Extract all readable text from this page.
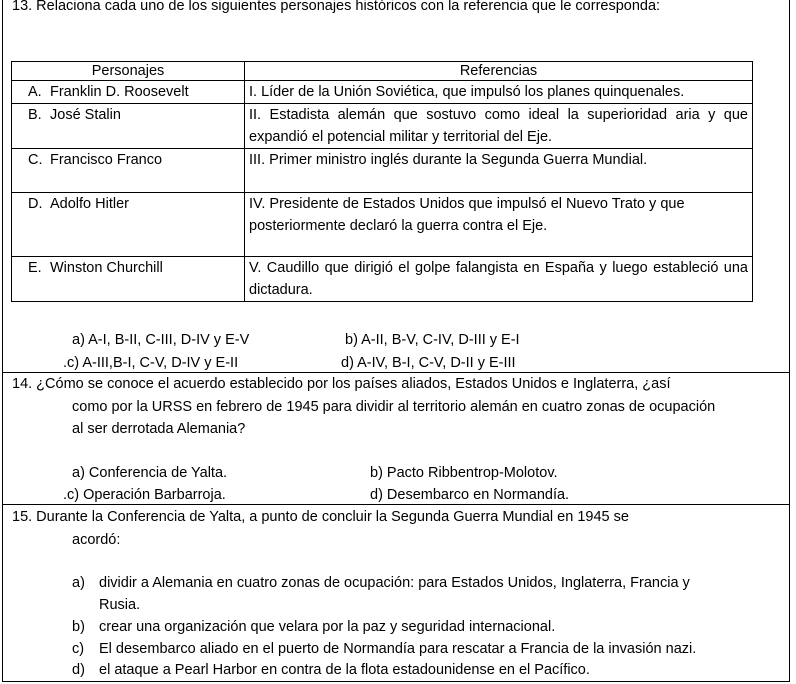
13. Relaciona cada uno de los siguientes personajes históricos con la referencia que le corresponda:
Personajes	Referencias
A. Franklin D. Roosevelt	I. Líder de la Unión Soviética, que impulsó los planes quinquenales.
B. José Stalin	II. Estadista alemán que sostuvo como ideal la superioridad aria y que expandió el potencial militar y territorial del Eje.
C. Francisco Franco	III. Primer ministro inglés durante la Segunda Guerra Mundial.
D. Adolfo Hitler	IV. Presidente de Estados Unidos que impulsó el Nuevo Trato y que posteriormente declaró la guerra contra el Eje.
E. Winston Churchill	V. Caudillo que dirigió el golpe falangista en España y luego estableció una dictadura.
a) A-I, B-II, C-III, D-IV y E-V	b) A-II, B-V, C-IV, D-III y E-I
.c) A-III,B-I, C-V, D-IV y E-II	d) A-IV, B-I, C-V, D-II y E-III
14. ¿Cómo se conoce el acuerdo establecido por los países aliados, Estados Unidos e Inglaterra, ¿así
como por la URSS en febrero de 1945 para dividir al territorio alemán en cuatro zonas de ocupación
al ser derrotada Alemania?
a) Conferencia de Yalta.	b) Pacto Ribbentrop-Molotov.
.c) Operación Barbarroja.	d) Desembarco en Normandía.
15. Durante la Conferencia de Yalta, a punto de concluir la Segunda Guerra Mundial en 1945 se
acordó:
a) dividir a Alemania en cuatro zonas de ocupación: para Estados Unidos, Inglaterra, Francia y
Rusia.
b) crear una organización que velara por la paz y seguridad internacional.
c) El desembarco aliado en el puerto de Normandía para rescatar a Francia de la invasión nazi.
d) el ataque a Pearl Harbor en contra de la flota estadounidense en el Pacífico.
